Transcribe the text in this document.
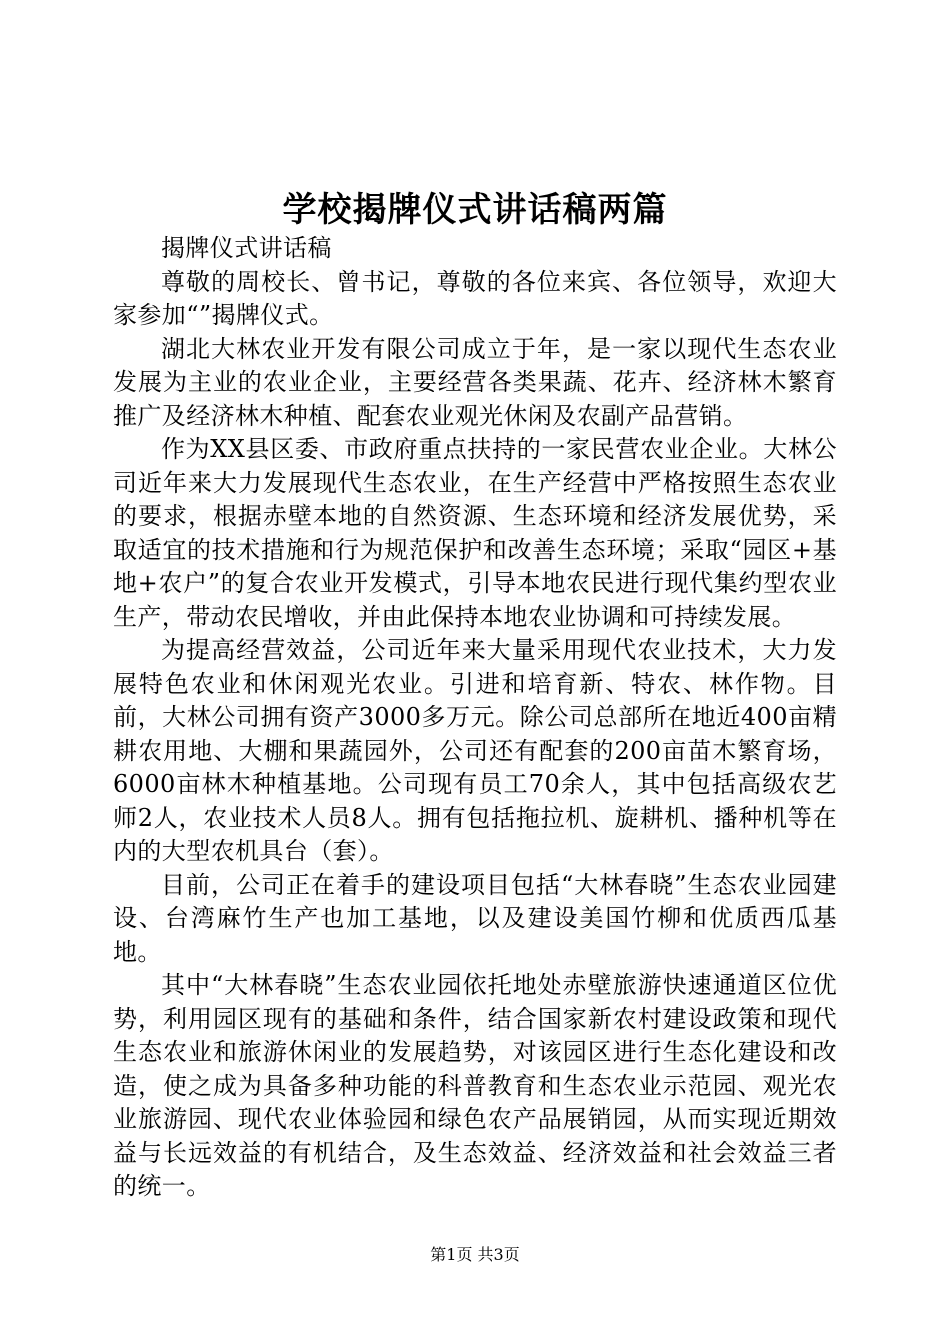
学校揭牌仪式讲话稿两篇

揭牌仪式讲话稿

尊敬的周校长、曾书记，尊敬的各位来宾、各位领导，欢迎大家参加“”揭牌仪式。

湖北大林农业开发有限公司成立于年，是一家以现代生态农业发展为主业的农业企业，主要经营各类果蔬、花卉、经济林木繁育推广及经济林木种植、配套农业观光休闲及农副产品营销。

作为XX县区委、市政府重点扶持的一家民营农业企业。大林公司近年来大力发展现代生态农业，在生产经营中严格按照生态农业的要求，根据赤壁本地的自然资源、生态环境和经济发展优势，采取适宜的技术措施和行为规范保护和改善生态环境；采取“园区+基地+农户”的复合农业开发模式，引导本地农民进行现代集约型农业生产，带动农民增收，并由此保持本地农业协调和可持续发展。

为提高经营效益，公司近年来大量采用现代农业技术，大力发展特色农业和休闲观光农业。引进和培育新、特农、林作物。目前，大林公司拥有资产3000多万元。除公司总部所在地近400亩精耕农用地、大棚和果蔬园外，公司还有配套的200亩苗木繁育场，6000亩林木种植基地。公司现有员工70余人，其中包括高级农艺师2人，农业技术人员8人。拥有包括拖拉机、旋耕机、播种机等在内的大型农机具台（套）。

目前，公司正在着手的建设项目包括“大林春晓”生态农业园建设、台湾麻竹生产也加工基地，以及建设美国竹柳和优质西瓜基地。

其中“大林春晓”生态农业园依托地处赤壁旅游快速通道区位优势，利用园区现有的基础和条件，结合国家新农村建设政策和现代生态农业和旅游休闲业的发展趋势，对该园区进行生态化建设和改造，使之成为具备多种功能的科普教育和生态农业示范园、观光农业旅游园、现代农业体验园和绿色农产品展销园，从而实现近期效益与长远效益的有机结合，及生态效益、经济效益和社会效益三者的统一。

第1页 共3页
